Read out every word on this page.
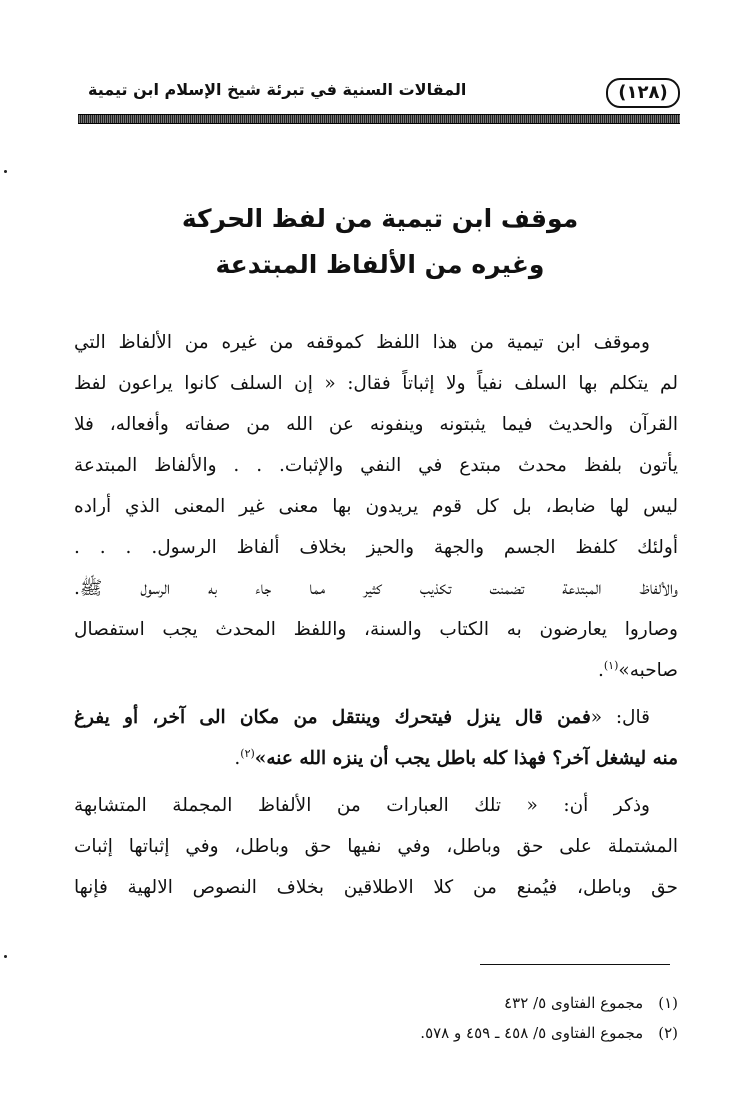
(١٢٨)
المقالات السنية في تبرئة شيخ الإسلام ابن تيمية
موقف ابن تيمية من لفظ الحركة
وغيره من الألفاظ المبتدعة
وموقف ابن تيمية من هذا اللفظ كموقفه من غيره من الألفاظ التي
لم يتكلم بها السلف نفياً ولا إثباتاً فقال: « إن السلف كانوا يراعون لفظ
القرآن والحديث فيما يثبتونه وينفونه عن الله من صفاته وأفعاله، فلا
يأتون بلفظ محدث مبتدع في النفي والإثبات. . . والألفاظ المبتدعة
ليس لها ضابط، بل كل قوم يريدون بها معنى غير المعنى الذي أراده
أولئك كلفظ الجسم والجهة والحيز بخلاف ألفاظ الرسول. . . .
والألفاظ المبتدعة تضمنت تكذيب كثير مما جاء به الرسول ﷺ.
وصاروا يعارضون به الكتاب والسنة، واللفظ المحدث يجب استفصال
صاحبه»$^{(١)}$.
قال: «فمن قال ينزل فيتحرك وينتقل من مكان الى آخر، أو يفرغ
منه ليشغل آخر؟ فهذا كله باطل يجب أن ينزه الله عنه»$^{(٢)}$.
وذكر أن: « تلك العبارات من الألفاظ المجملة المتشابهة
المشتملة على حق وباطل، وفي نفيها حق وباطل، وفي إثباتها إثبات
حق وباطل، فيُمنع من كلا الاطلاقين بخلاف النصوص الالهية فإنها
(١) مجموع الفتاوى ٥/ ٤٣٢
(٢) مجموع الفتاوى ٥/ ٤٥٨ ـ ٤٥٩ و ٥٧٨.
